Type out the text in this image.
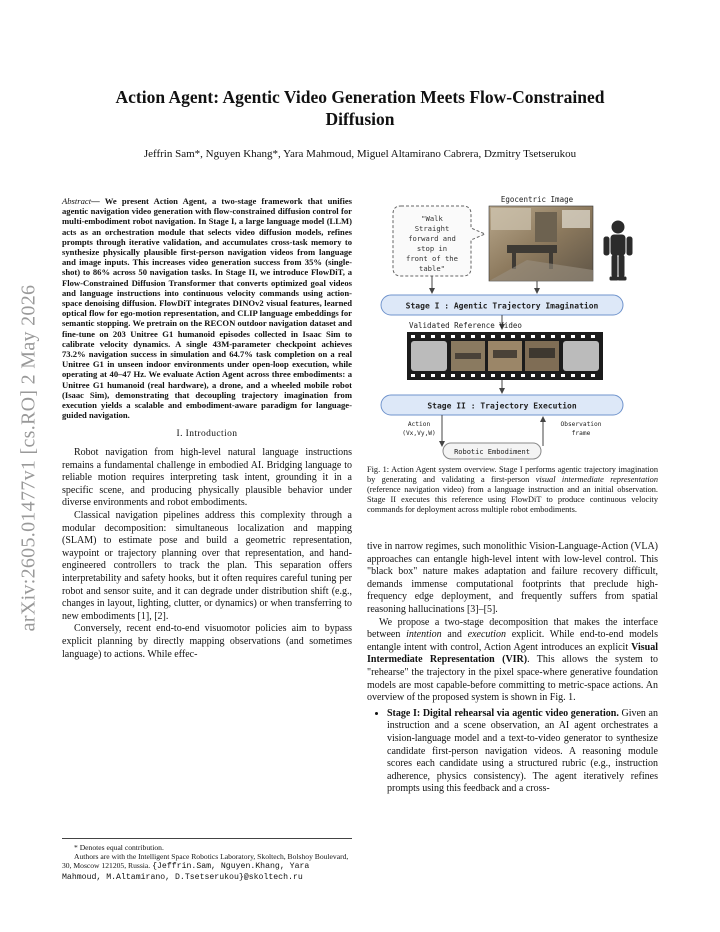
arXiv:2605.01477v1 [cs.RO] 2 May 2026
Action Agent: Agentic Video Generation Meets Flow-Constrained
Diffusion
Jeffrin Sam*, Nguyen Khang*, Yara Mahmoud, Miguel Altamirano Cabrera, Dzmitry Tsetserukou

Abstract— We present Action Agent, a two-stage framework that unifies agentic navigation video generation with flow-constrained diffusion control for multi-embodiment robot navigation. In Stage I, a large language model (LLM) acts as an orchestration module that selects video diffusion models, refines prompts through iterative validation, and accumulates cross-task memory to synthesize physically plausible first-person navigation videos from language and image inputs. This increases video generation success from 35% (single-shot) to 86% across 50 navigation tasks. In Stage II, we introduce FlowDiT, a Flow-Constrained Diffusion Transformer that converts optimized goal videos and language instructions into continuous velocity commands using action-space denoising diffusion. FlowDiT integrates DINOv2 visual features, learned optical flow for ego-motion representation, and CLIP language embeddings for semantic stopping. We pretrain on the RECON outdoor navigation dataset and fine-tune on 203 Unitree G1 humanoid episodes collected in Isaac Sim to calibrate velocity dynamics. A single 43M-parameter checkpoint achieves 73.2% navigation success in simulation and 64.7% task completion on a real Unitree G1 in unseen indoor environments under open-loop execution, while operating at 40–47 Hz. We evaluate Action Agent across three embodiments: a Unitree G1 humanoid (real hardware), a drone, and a wheeled mobile robot (Isaac Sim), demonstrating that decoupling trajectory imagination from execution yields a scalable and embodiment-aware paradigm for language-guided navigation.

I. Introduction

Robot navigation from high-level natural language instructions remains a fundamental challenge in embodied AI. Bridging language to reliable motion requires interpreting task intent, grounding it in a specific scene, and producing physically plausible behavior under diverse environments and robot embodiments.

Classical navigation pipelines address this complexity through a modular decomposition: simultaneous localization and mapping (SLAM) to estimate pose and build a geometric representation, waypoint or trajectory planning over that representation, and hand-engineered controllers to track the plan. This separation offers interpretability and safety hooks, but it often requires careful tuning per robot and sensor suite, and it can degrade under distribution shift (e.g., changes in layout, lighting, clutter, or dynamics) or when transferring to new embodiments [1], [2].

Conversely, recent end-to-end visuomotor policies aim to bypass explicit planning by directly mapping observations (and sometimes language) to actions. While effec-

* Denotes equal contribution.
Authors are with the Intelligent Space Robotics Laboratory, Skoltech, Bolshoy Boulevard, 30, Moscow 121205, Russia. {Jeffrin.Sam, Nguyen.Khang, Yara Mahmoud, M.Altamirano, D.Tsetserukou}@skoltech.ru
"Walk
Straight
forward and
stop in
front of the
table"
Egocentric Image
Stage I : Agentic Trajectory Imagination
Validated Reference Video
Stage II : Trajectory Execution
Action
(Vx,Vy,W)
Observation
frame
Robotic Embodiment
Fig. 1: Action Agent system overview. Stage I performs agentic trajectory imagination by generating and validating a first-person visual intermediate representation (reference navigation video) from a language instruction and an initial observation. Stage II executes this reference using FlowDiT to produce continuous velocity commands for deployment across multiple robot embodiments.

tive in narrow regimes, such monolithic Vision-Language-Action (VLA) approaches can entangle high-level intent with low-level control. This "black box" nature makes adaptation and failure recovery difficult, demands immense computational footprints that preclude high-frequency edge deployment, and frequently suffers from spatial reasoning hallucinations [3]–[5].

We propose a two-stage decomposition that makes the interface between intention and execution explicit. While end-to-end models entangle intent with control, Action Agent introduces an explicit Visual Intermediate Representation (VIR). This allows the system to "rehearse" the trajectory in the pixel space-where generative foundation models are most capable-before committing to metric-space actions. An overview of the proposed system is shown in Fig. 1.

• Stage I: Digital rehearsal via agentic video generation. Given an instruction and a scene observation, an AI agent orchestrates a vision-language model and a text-to-video generator to synthesize candidate first-person navigation videos. A reasoning module scores each candidate using a structured rubric (e.g., instruction adherence, physics consistency). The agent iteratively refines prompts using this feedback and a cross-
